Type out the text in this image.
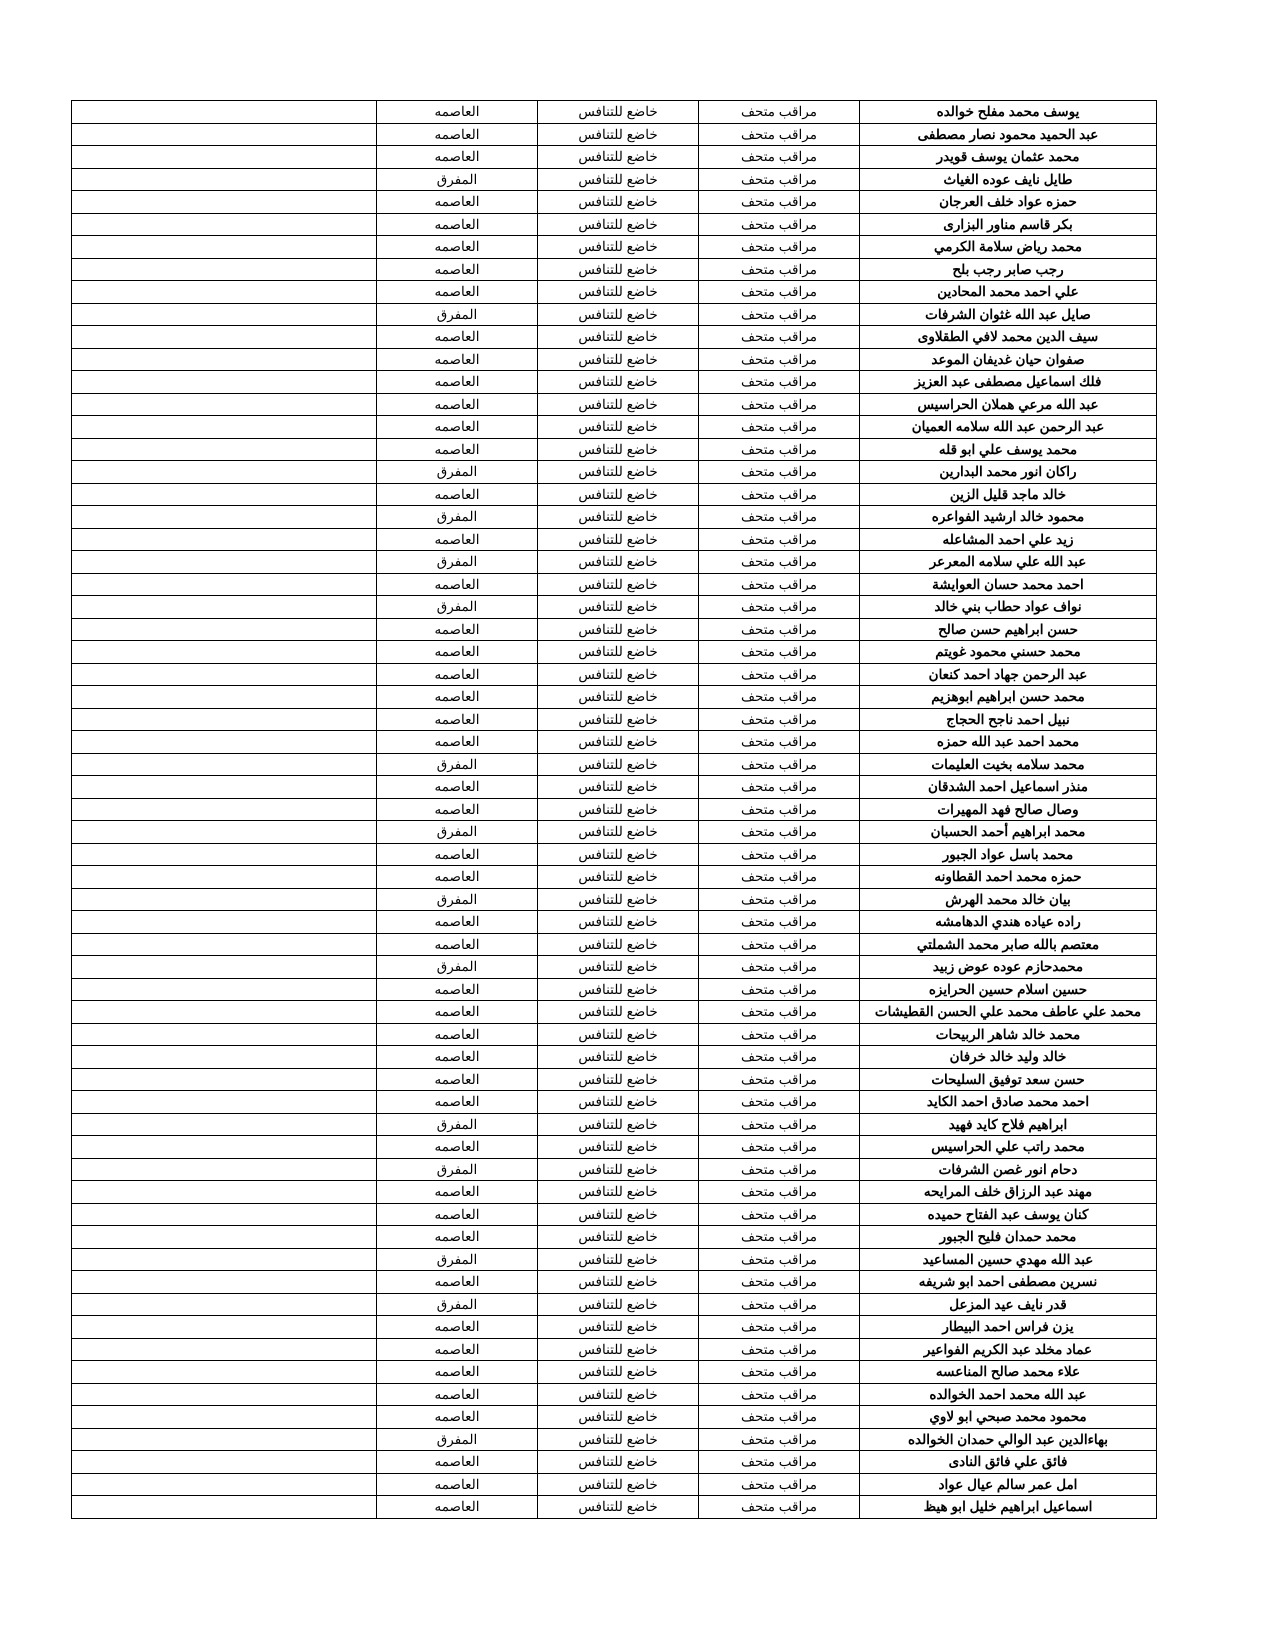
يوسف محمد مفلح خوالده	مراقب متحف	خاضع للتنافس	العاصمه	
عبد الحميد محمود نصار مصطفى	مراقب متحف	خاضع للتنافس	العاصمه	
محمد عثمان يوسف قويدر	مراقب متحف	خاضع للتنافس	العاصمه	
طايل نايف عوده الغياث	مراقب متحف	خاضع للتنافس	المفرق	
حمزه عواد خلف العرجان	مراقب متحف	خاضع للتنافس	العاصمه	
بكر قاسم مناور البزارى	مراقب متحف	خاضع للتنافس	العاصمه	
محمد رياض سلامة الكرمي	مراقب متحف	خاضع للتنافس	العاصمه	
رجب صابر رجب بلح	مراقب متحف	خاضع للتنافس	العاصمه	
علي احمد محمد المحادين	مراقب متحف	خاضع للتنافس	العاصمه	
صايل عبد الله غثوان الشرفات	مراقب متحف	خاضع للتنافس	المفرق	
سيف الدين محمد لافي الطقلاوى	مراقب متحف	خاضع للتنافس	العاصمه	
صفوان حيان غديفان الموعد	مراقب متحف	خاضع للتنافس	العاصمه	
فلك اسماعيل مصطفى عبد العزيز	مراقب متحف	خاضع للتنافس	العاصمه	
عبد الله مرعي هملان الحراسيس	مراقب متحف	خاضع للتنافس	العاصمه	
عبد الرحمن عبد الله سلامه العميان	مراقب متحف	خاضع للتنافس	العاصمه	
محمد يوسف علي ابو قله	مراقب متحف	خاضع للتنافس	العاصمه	
راكان انور محمد البدارين	مراقب متحف	خاضع للتنافس	المفرق	
خالد ماجد قليل الزين	مراقب متحف	خاضع للتنافس	العاصمه	
محمود خالد ارشيد الفواعره	مراقب متحف	خاضع للتنافس	المفرق	
زيد علي احمد المشاعله	مراقب متحف	خاضع للتنافس	العاصمه	
عبد الله علي سلامه المعرعر	مراقب متحف	خاضع للتنافس	المفرق	
احمد محمد حسان العوايشة	مراقب متحف	خاضع للتنافس	العاصمه	
نواف عواد حطاب بني خالد	مراقب متحف	خاضع للتنافس	المفرق	
حسن ابراهيم حسن صالح	مراقب متحف	خاضع للتنافس	العاصمه	
محمد حسني محمود غويتم	مراقب متحف	خاضع للتنافس	العاصمه	
عبد الرحمن جهاد احمد كنعان	مراقب متحف	خاضع للتنافس	العاصمه	
محمد حسن ابراهيم ابوهزيم	مراقب متحف	خاضع للتنافس	العاصمه	
نبيل احمد ناجح الحجاج	مراقب متحف	خاضع للتنافس	العاصمه	
محمد احمد عبد الله حمزه	مراقب متحف	خاضع للتنافس	العاصمه	
محمد سلامه بخيت العليمات	مراقب متحف	خاضع للتنافس	المفرق	
منذر اسماعيل احمد الشدقان	مراقب متحف	خاضع للتنافس	العاصمه	
وصال صالح فهد المهيرات	مراقب متحف	خاضع للتنافس	العاصمه	
محمد ابراهيم أحمد الحسبان	مراقب متحف	خاضع للتنافس	المفرق	
محمد باسل عواد الجبور	مراقب متحف	خاضع للتنافس	العاصمه	
حمزه محمد احمد القطاونه	مراقب متحف	خاضع للتنافس	العاصمه	
بيان خالد محمد الهرش	مراقب متحف	خاضع للتنافس	المفرق	
راده عياده هندي الدهامشه	مراقب متحف	خاضع للتنافس	العاصمه	
معتصم بالله صابر محمد الشملتي	مراقب متحف	خاضع للتنافس	العاصمه	
محمدحازم عوده عوض زبيد	مراقب متحف	خاضع للتنافس	المفرق	
حسين اسلام حسين الحرايزه	مراقب متحف	خاضع للتنافس	العاصمه	
محمد علي عاطف محمد علي الحسن القطيشات	مراقب متحف	خاضع للتنافس	العاصمه	
محمد خالد شاهر الربيحات	مراقب متحف	خاضع للتنافس	العاصمه	
خالد وليد خالد خرفان	مراقب متحف	خاضع للتنافس	العاصمه	
حسن سعد توفيق السليحات	مراقب متحف	خاضع للتنافس	العاصمه	
احمد محمد صادق احمد الكايد	مراقب متحف	خاضع للتنافس	العاصمه	
ابراهيم فلاح كايد فهيد	مراقب متحف	خاضع للتنافس	المفرق	
محمد راتب علي الحراسيس	مراقب متحف	خاضع للتنافس	العاصمه	
دحام انور غصن الشرفات	مراقب متحف	خاضع للتنافس	المفرق	
مهند عبد الرزاق خلف المرايحه	مراقب متحف	خاضع للتنافس	العاصمه	
كنان يوسف عبد الفتاح حميده	مراقب متحف	خاضع للتنافس	العاصمه	
محمد حمدان فليح الجبور	مراقب متحف	خاضع للتنافس	العاصمه	
عبد الله مهدي حسين المساعيد	مراقب متحف	خاضع للتنافس	المفرق	
نسرين مصطفى احمد ابو شريفه	مراقب متحف	خاضع للتنافس	العاصمه	
قدر نايف عيد المزعل	مراقب متحف	خاضع للتنافس	المفرق	
يزن فراس احمد البيطار	مراقب متحف	خاضع للتنافس	العاصمه	
عماد مخلد عبد الكريم الفواعير	مراقب متحف	خاضع للتنافس	العاصمه	
علاء محمد صالح المناعسه	مراقب متحف	خاضع للتنافس	العاصمه	
عبد الله محمد احمد الخوالده	مراقب متحف	خاضع للتنافس	العاصمه	
محمود محمد صبحي ابو لاوي	مراقب متحف	خاضع للتنافس	العاصمه	
بهاءالدين عبد الوالي حمدان الخوالده	مراقب متحف	خاضع للتنافس	المفرق	
فائق علي فائق النادى	مراقب متحف	خاضع للتنافس	العاصمه	
امل عمر سالم عيال عواد	مراقب متحف	خاضع للتنافس	العاصمه	
اسماعيل ابراهيم خليل ابو هيظ	مراقب متحف	خاضع للتنافس	العاصمه	
